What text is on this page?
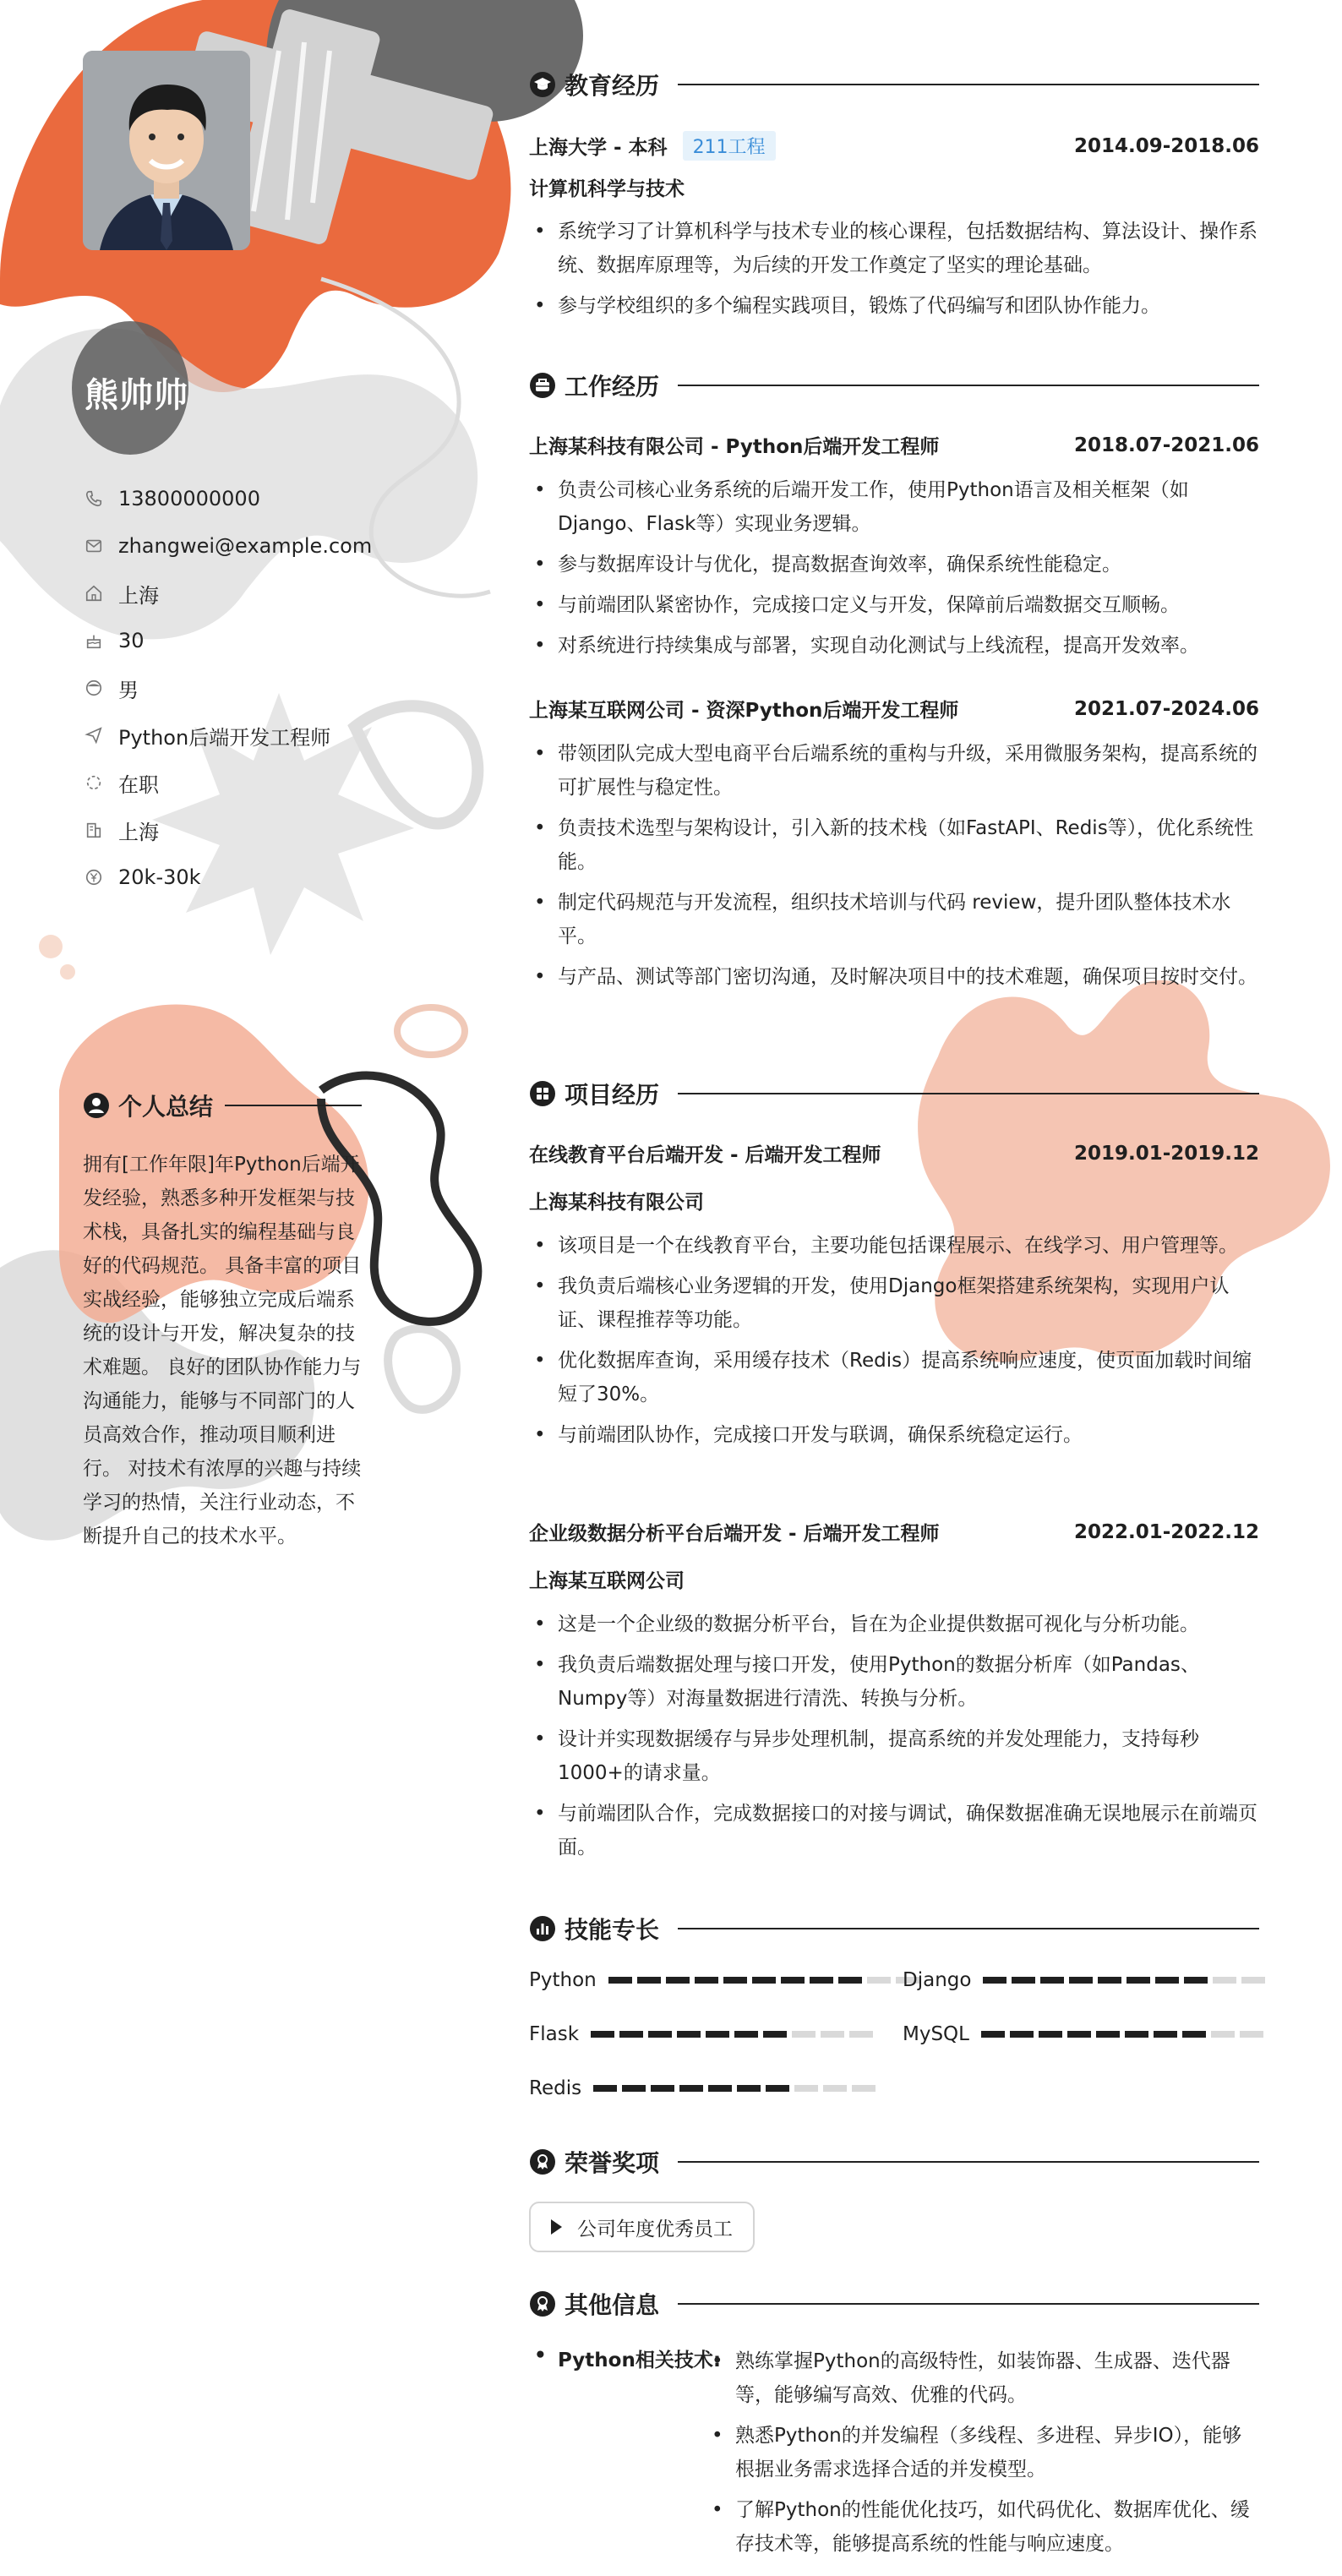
熊帅帅
13800000000
zhangwei@example.com
上海
30
男
Python后端开发工程师
在职
上海
20k-30k
个人总结
拥有[工作年限]年Python后端开发经验，熟悉多种开发框架与技术栈，具备扎实的编程基础与良好的代码规范。 具备丰富的项目实战经验，能够独立完成后端系统的设计与开发，解决复杂的技术难题。 良好的团队协作能力与沟通能力，能够与不同部门的人员高效合作，推动项目顺利进行。 对技术有浓厚的兴趣与持续学习的热情，关注行业动态，不断提升自己的技术水平。
教育经历
上海大学 - 本科	211工程	2014.09-2018.06
计算机科学与技术
• 系统学习了计算机科学与技术专业的核心课程，包括数据结构、算法设计、操作系统、数据库原理等，为后续的开发工作奠定了坚实的理论基础。
• 参与学校组织的多个编程实践项目，锻炼了代码编写和团队协作能力。
工作经历
上海某科技有限公司 - Python后端开发工程师	2018.07-2021.06
• 负责公司核心业务系统的后端开发工作，使用Python语言及相关框架（如Django、Flask等）实现业务逻辑。
• 参与数据库设计与优化，提高数据查询效率，确保系统性能稳定。
• 与前端团队紧密协作，完成接口定义与开发，保障前后端数据交互顺畅。
• 对系统进行持续集成与部署，实现自动化测试与上线流程，提高开发效率。
上海某互联网公司 - 资深Python后端开发工程师	2021.07-2024.06
• 带领团队完成大型电商平台后端系统的重构与升级，采用微服务架构，提高系统的可扩展性与稳定性。
• 负责技术选型与架构设计，引入新的技术栈（如FastAPI、Redis等），优化系统性能。
• 制定代码规范与开发流程，组织技术培训与代码 review，提升团队整体技术水平。
• 与产品、测试等部门密切沟通，及时解决项目中的技术难题，确保项目按时交付。
项目经历
在线教育平台后端开发 - 后端开发工程师	2019.01-2019.12
上海某科技有限公司
• 该项目是一个在线教育平台，主要功能包括课程展示、在线学习、用户管理等。
• 我负责后端核心业务逻辑的开发，使用Django框架搭建系统架构，实现用户认证、课程推荐等功能。
• 优化数据库查询，采用缓存技术（Redis）提高系统响应速度，使页面加载时间缩短了30%。
• 与前端团队协作，完成接口开发与联调，确保系统稳定运行。
企业级数据分析平台后端开发 - 后端开发工程师	2022.01-2022.12
上海某互联网公司
• 这是一个企业级的数据分析平台，旨在为企业提供数据可视化与分析功能。
• 我负责后端数据处理与接口开发，使用Python的数据分析库（如Pandas、Numpy等）对海量数据进行清洗、转换与分析。
• 设计并实现数据缓存与异步处理机制，提高系统的并发处理能力，支持每秒1000+的请求量。
• 与前端团队合作，完成数据接口的对接与调试，确保数据准确无误地展示在前端页面。
技能专长
Python	Django
Flask	MySQL
Redis
荣誉奖项
公司年度优秀员工
其他信息
• Python相关技术:
• 熟练掌握Python的高级特性，如装饰器、生成器、迭代器等，能够编写高效、优雅的代码。
• 熟悉Python的并发编程（多线程、多进程、异步IO），能够根据业务需求选择合适的并发模型。
• 了解Python的性能优化技巧，如代码优化、数据库优化、缓存技术等，能够提高系统的性能与响应速度。
